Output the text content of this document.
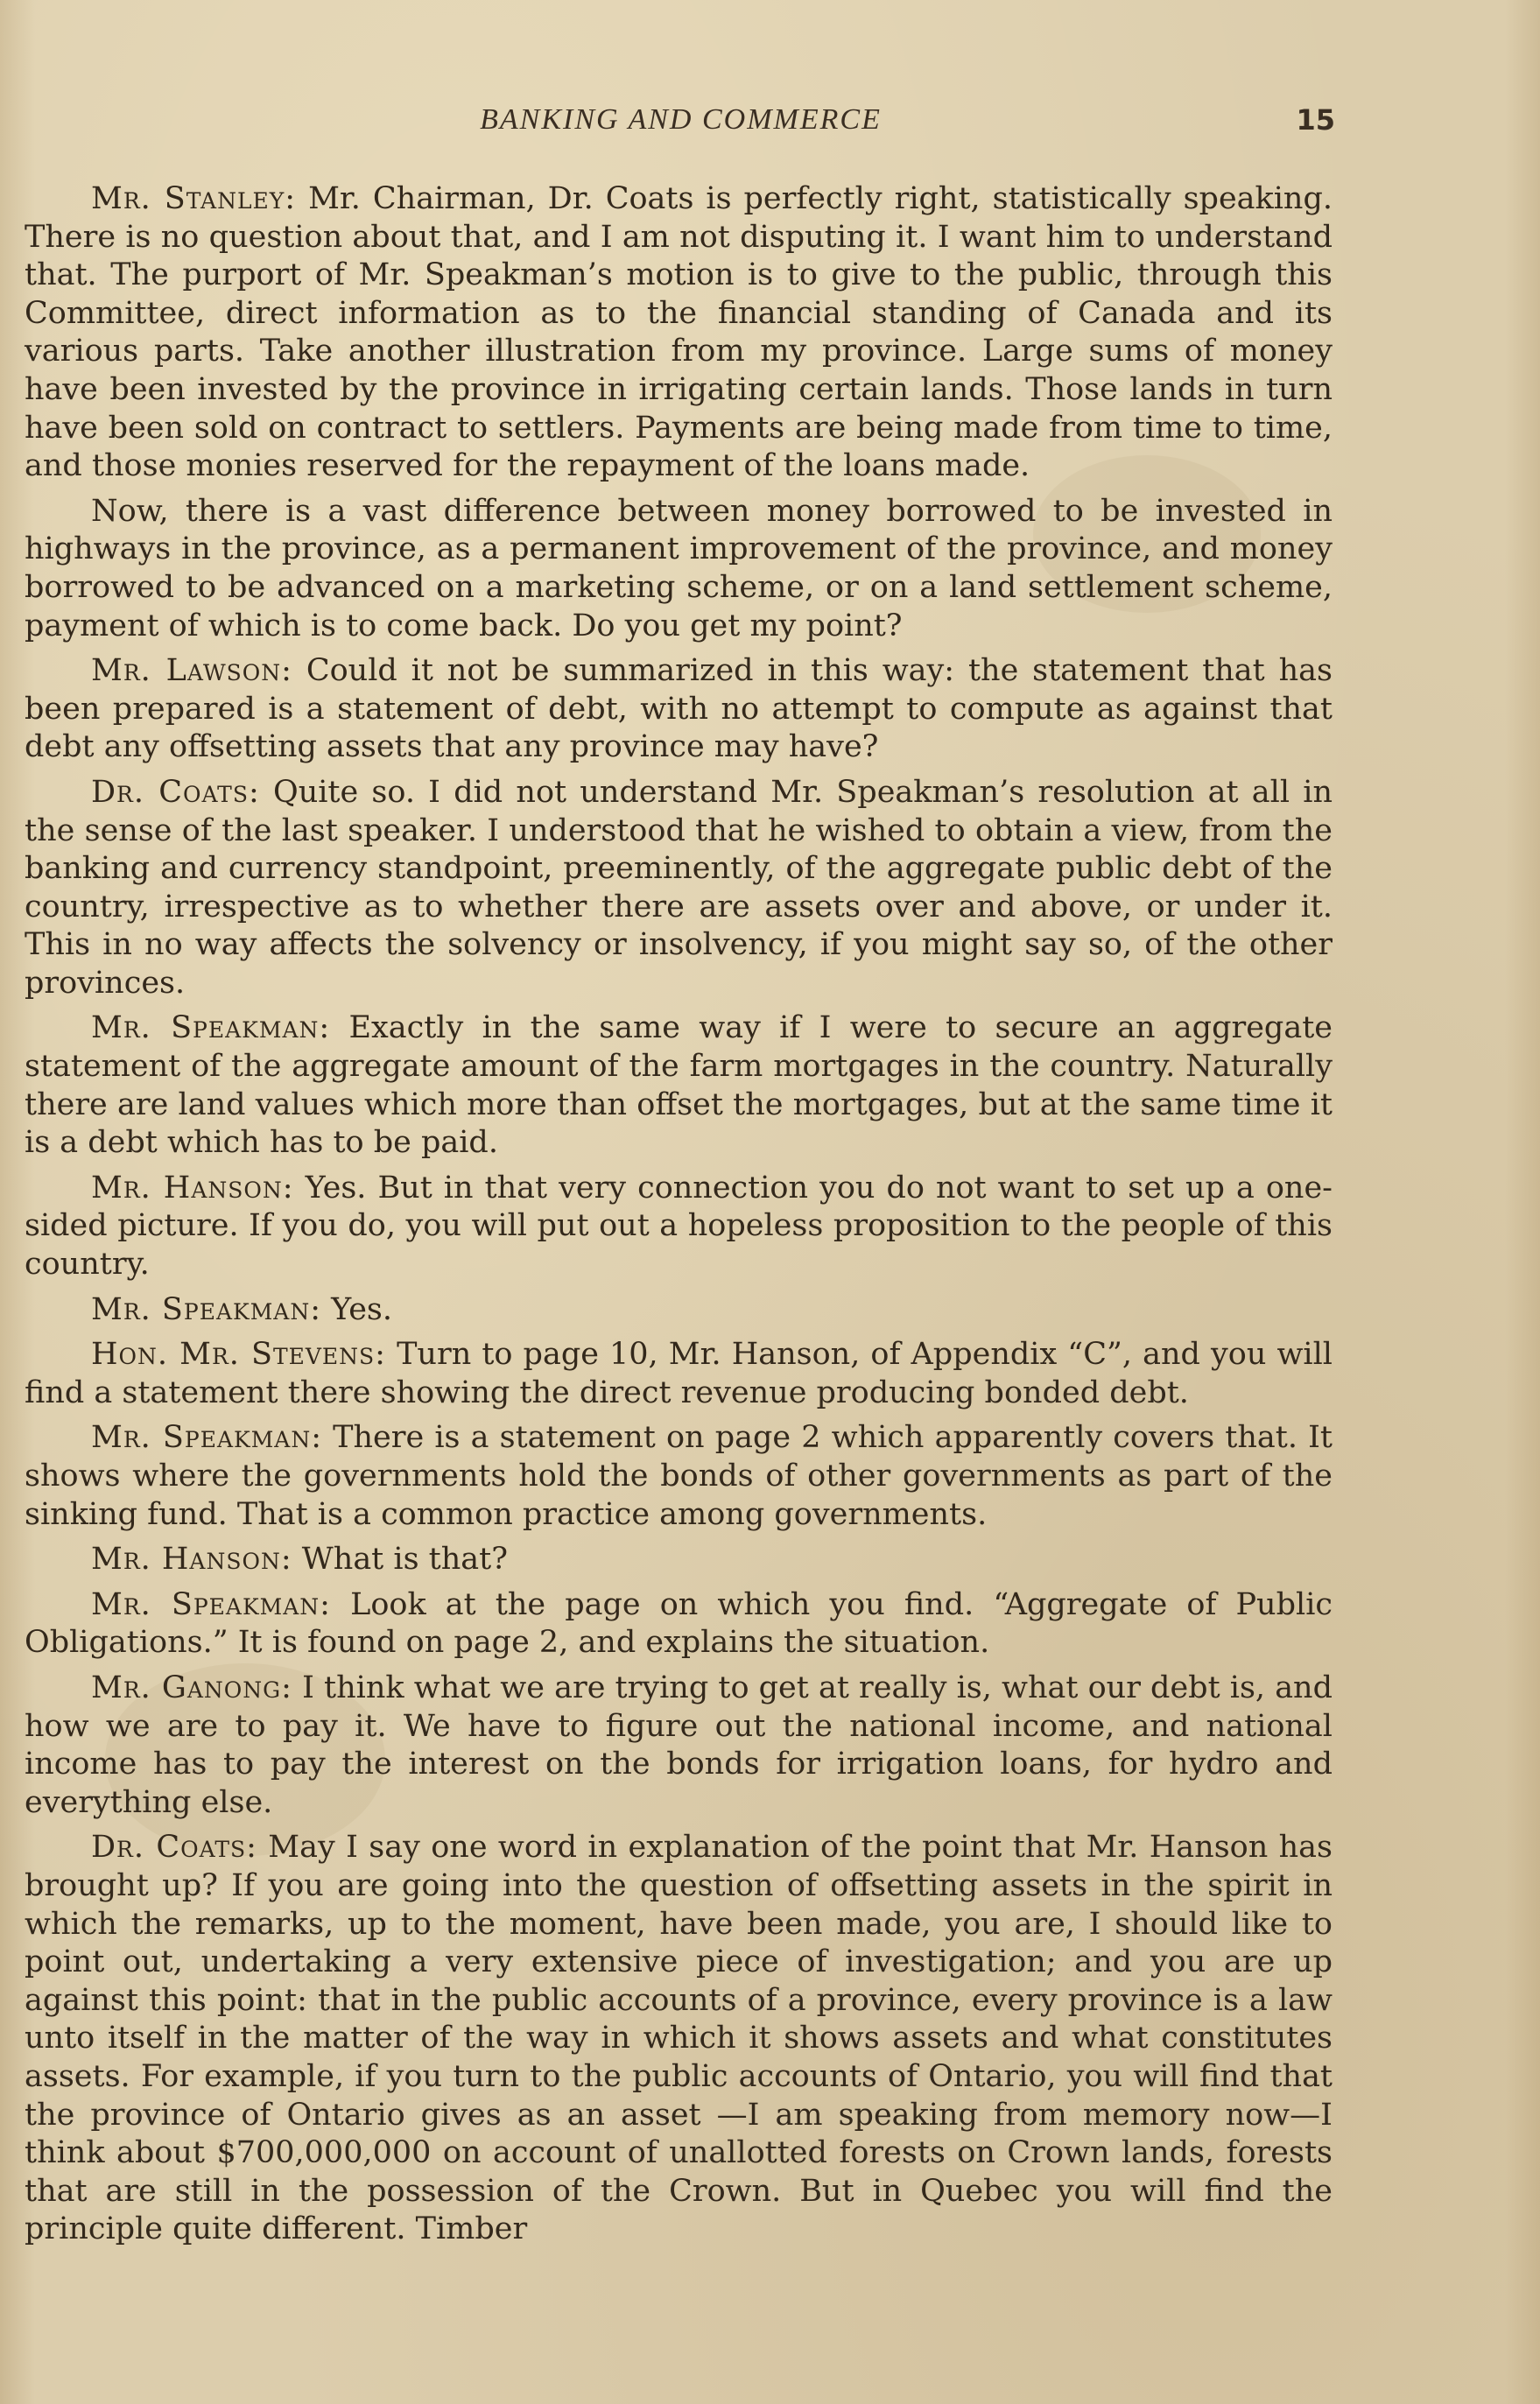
BANKING AND COMMERCE	15

Mr. Stanley: Mr. Chairman, Dr. Coats is perfectly right, statistically speaking. There is no question about that, and I am not disputing it. I want him to understand that. The purport of Mr. Speakman’s motion is to give to the public, through this Committee, direct information as to the financial standing of Canada and its various parts. Take another illustration from my province. Large sums of money have been invested by the province in irrigating certain lands. Those lands in turn have been sold on contract to settlers. Payments are being made from time to time, and those monies reserved for the repayment of the loans made.

Now, there is a vast difference between money borrowed to be invested in highways in the province, as a permanent improvement of the province, and money borrowed to be advanced on a marketing scheme, or on a land settlement scheme, payment of which is to come back. Do you get my point?

Mr. Lawson: Could it not be summarized in this way: the statement that has been prepared is a statement of debt, with no attempt to compute as against that debt any offsetting assets that any province may have?

Dr. Coats: Quite so. I did not understand Mr. Speakman’s resolution at all in the sense of the last speaker. I understood that he wished to obtain a view, from the banking and currency standpoint, preeminently, of the aggregate public debt of the country, irrespective as to whether there are assets over and above, or under it. This in no way affects the solvency or insolvency, if you might say so, of the other provinces.

Mr. Speakman: Exactly in the same way if I were to secure an aggregate statement of the aggregate amount of the farm mortgages in the country. Naturally there are land values which more than offset the mortgages, but at the same time it is a debt which has to be paid.

Mr. Hanson: Yes. But in that very connection you do not want to set up a one-sided picture. If you do, you will put out a hopeless proposition to the people of this country.

Mr. Speakman: Yes.

Hon. Mr. Stevens: Turn to page 10, Mr. Hanson, of Appendix “C”, and you will find a statement there showing the direct revenue producing bonded debt.

Mr. Speakman: There is a statement on page 2 which apparently covers that. It shows where the governments hold the bonds of other governments as part of the sinking fund. That is a common practice among governments.

Mr. Hanson: What is that?

Mr. Speakman: Look at the page on which you find. “Aggregate of Public Obligations.” It is found on page 2, and explains the situation.

Mr. Ganong: I think what we are trying to get at really is, what our debt is, and how we are to pay it. We have to figure out the national income, and national income has to pay the interest on the bonds for irrigation loans, for hydro and everything else.

Dr. Coats: May I say one word in explanation of the point that Mr. Hanson has brought up? If you are going into the question of offsetting assets in the spirit in which the remarks, up to the moment, have been made, you are, I should like to point out, undertaking a very extensive piece of investigation; and you are up against this point: that in the public accounts of a province, every province is a law unto itself in the matter of the way in which it shows assets and what constitutes assets. For example, if you turn to the public accounts of Ontario, you will find that the province of Ontario gives as an asset —I am speaking from memory now—I think about $700,000,000 on account of unallotted forests on Crown lands, forests that are still in the possession of the Crown. But in Quebec you will find the principle quite different. Timber
